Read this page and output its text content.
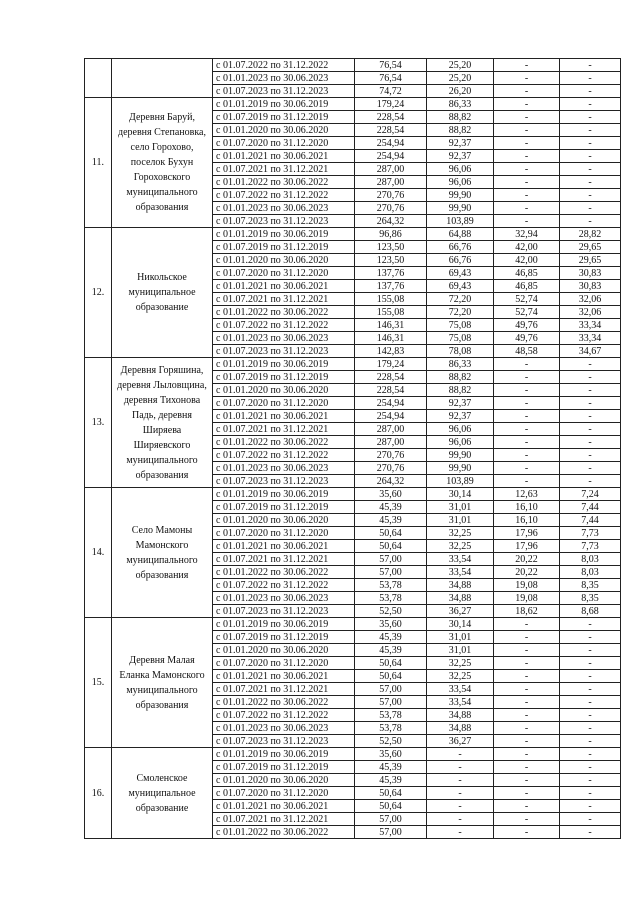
		с 01.07.2022 по 31.12.2022	76,54	25,20	-	-
		с 01.01.2023 по 30.06.2023	76,54	25,20	-	-
		с 01.07.2023 по 31.12.2023	74,72	26,20	-	-
11.	Деревня Баруй, деревня Степановка, село Горохово, поселок Бухун Гороховского муниципального образования	с 01.01.2019 по 30.06.2019	179,24	86,33	-	-
		с 01.07.2019 по 31.12.2019	228,54	88,82	-	-
		с 01.01.2020 по 30.06.2020	228,54	88,82	-	-
		с 01.07.2020 по 31.12.2020	254,94	92,37	-	-
		с 01.01.2021 по 30.06.2021	254,94	92,37	-	-
		с 01.07.2021 по 31.12.2021	287,00	96,06	-	-
		с 01.01.2022 по 30.06.2022	287,00	96,06	-	-
		с 01.07.2022 по 31.12.2022	270,76	99,90	-	-
		с 01.01.2023 по 30.06.2023	270,76	99,90	-	-
		с 01.07.2023 по 31.12.2023	264,32	103,89	-	-
12.	Никольское муниципальное образование	с 01.01.2019 по 30.06.2019	96,86	64,88	32,94	28,82
		с 01.07.2019 по 31.12.2019	123,50	66,76	42,00	29,65
		с 01.01.2020 по 30.06.2020	123,50	66,76	42,00	29,65
		с 01.07.2020 по 31.12.2020	137,76	69,43	46,85	30,83
		с 01.01.2021 по 30.06.2021	137,76	69,43	46,85	30,83
		с 01.07.2021 по 31.12.2021	155,08	72,20	52,74	32,06
		с 01.01.2022 по 30.06.2022	155,08	72,20	52,74	32,06
		с 01.07.2022 по 31.12.2022	146,31	75,08	49,76	33,34
		с 01.01.2023 по 30.06.2023	146,31	75,08	49,76	33,34
		с 01.07.2023 по 31.12.2023	142,83	78,08	48,58	34,67
13.	Деревня Горяшина, деревня Лыловщина, деревня Тихонова Падь, деревня Ширяева Ширяевского муниципального образования	с 01.01.2019 по 30.06.2019	179,24	86,33	-	-
		с 01.07.2019 по 31.12.2019	228,54	88,82	-	-
		с 01.01.2020 по 30.06.2020	228,54	88,82	-	-
		с 01.07.2020 по 31.12.2020	254,94	92,37	-	-
		с 01.01.2021 по 30.06.2021	254,94	92,37	-	-
		с 01.07.2021 по 31.12.2021	287,00	96,06	-	-
		с 01.01.2022 по 30.06.2022	287,00	96,06	-	-
		с 01.07.2022 по 31.12.2022	270,76	99,90	-	-
		с 01.01.2023 по 30.06.2023	270,76	99,90	-	-
		с 01.07.2023 по 31.12.2023	264,32	103,89	-	-
14.	Село Мамоны Мамонского муниципального образования	с 01.01.2019 по 30.06.2019	35,60	30,14	12,63	7,24
		с 01.07.2019 по 31.12.2019	45,39	31,01	16,10	7,44
		с 01.01.2020 по 30.06.2020	45,39	31,01	16,10	7,44
		с 01.07.2020 по 31.12.2020	50,64	32,25	17,96	7,73
		с 01.01.2021 по 30.06.2021	50,64	32,25	17,96	7,73
		с 01.07.2021 по 31.12.2021	57,00	33,54	20,22	8,03
		с 01.01.2022 по 30.06.2022	57,00	33,54	20,22	8,03
		с 01.07.2022 по 31.12.2022	53,78	34,88	19,08	8,35
		с 01.01.2023 по 30.06.2023	53,78	34,88	19,08	8,35
		с 01.07.2023 по 31.12.2023	52,50	36,27	18,62	8,68
15.	Деревня Малая Еланка Мамонского муниципального образования	с 01.01.2019 по 30.06.2019	35,60	30,14	-	-
		с 01.07.2019 по 31.12.2019	45,39	31,01	-	-
		с 01.01.2020 по 30.06.2020	45,39	31,01	-	-
		с 01.07.2020 по 31.12.2020	50,64	32,25	-	-
		с 01.01.2021 по 30.06.2021	50,64	32,25	-	-
		с 01.07.2021 по 31.12.2021	57,00	33,54	-	-
		с 01.01.2022 по 30.06.2022	57,00	33,54	-	-
		с 01.07.2022 по 31.12.2022	53,78	34,88	-	-
		с 01.01.2023 по 30.06.2023	53,78	34,88	-	-
		с 01.07.2023 по 31.12.2023	52,50	36,27	-	-
16.	Смоленское муниципальное образование	с 01.01.2019 по 30.06.2019	35,60	-	-	-
		с 01.07.2019 по 31.12.2019	45,39	-	-	-
		с 01.01.2020 по 30.06.2020	45,39	-	-	-
		с 01.07.2020 по 31.12.2020	50,64	-	-	-
		с 01.01.2021 по 30.06.2021	50,64	-	-	-
		с 01.07.2021 по 31.12.2021	57,00	-	-	-
		с 01.01.2022 по 30.06.2022	57,00	-	-	-
